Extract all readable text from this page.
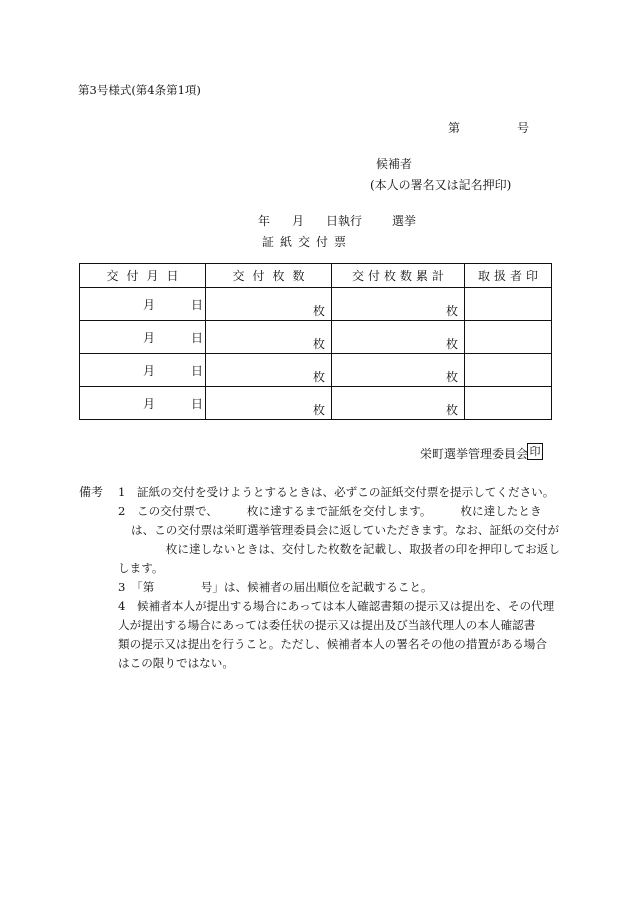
第3号様式(第4条第1項)
第	号
候補者
(本人の署名又は記名押印)
年 月 日執行	選挙
証紙交付票
交付月日	交付枚数	交付枚数累計	取扱者印

月 日	枚	枚	

月 日	枚	枚	

月 日	枚	枚	

月 日	枚	枚	

栄町選挙管理委員会 印
備考 1　証紙の交付を受けようとするときは、必ずこの証紙交付票を提示してください。
2　この交付票で、　　　枚に達するまで証紙を交付します。　　　枚に達したとき
は、この交付票は栄町選挙管理委員会に返していただきます。なお、証紙の交付が
　　　枚に達しないときは、交付した枚数を記載し、取扱者の印を押印してお返し
します。
3　「第　　　　号」は、候補者の届出順位を記載すること。
4　候補者本人が提出する場合にあっては本人確認書類の提示又は提出を、その代理
人が提出する場合にあっては委任状の提示又は提出及び当該代理人の本人確認書
類の提示又は提出を行うこと。ただし、候補者本人の署名その他の措置がある場合
はこの限りではない。
